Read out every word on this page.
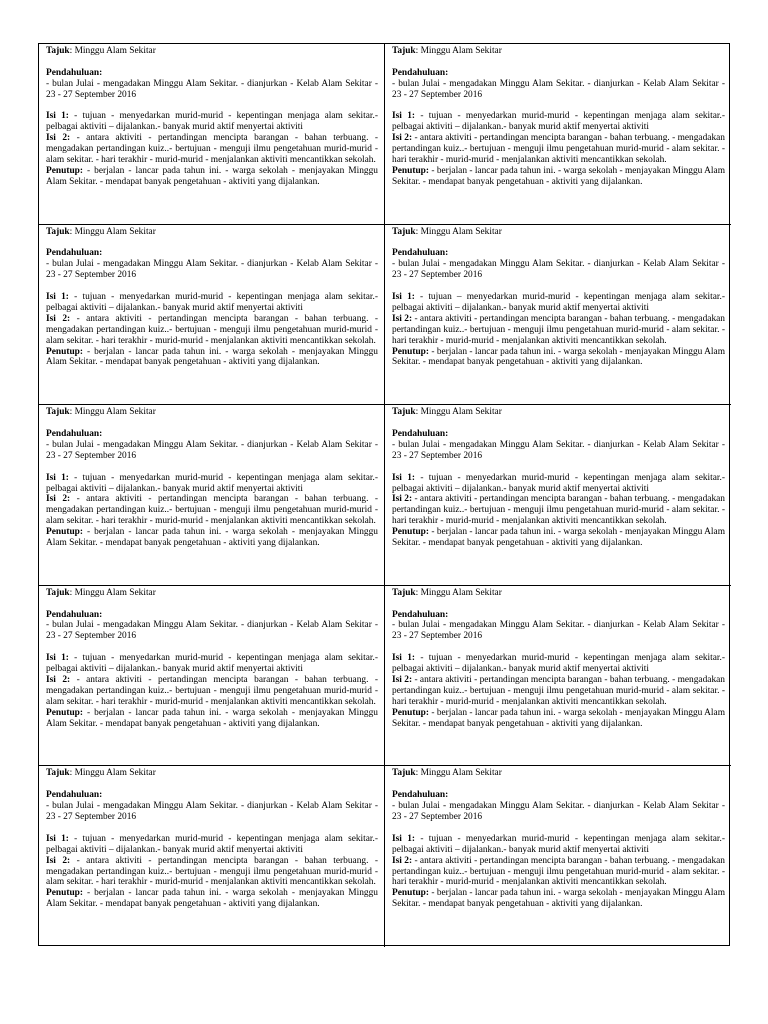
Tajuk: Minggu Alam Sekitar

Pendahuluan:

- bulan Julai - mengadakan Minggu Alam Sekitar. - dianjurkan - Kelab Alam Sekitar - 23 - 27 September 2016

Isi 1: - tujuan - menyedarkan murid-murid - kepentingan menjaga alam sekitar.- pelbagai aktiviti – dijalankan.- banyak murid aktif menyertai aktiviti

Isi 2: - antara aktiviti - pertandingan mencipta barangan - bahan terbuang. - mengadakan pertandingan kuiz..- bertujuan - menguji ilmu pengetahuan murid-murid - alam sekitar. - hari terakhir - murid-murid - menjalankan aktiviti mencantikkan sekolah.

Penutup: - berjalan - lancar pada tahun ini. - warga sekolah - menjayakan Minggu Alam Sekitar. - mendapat banyak pengetahuan - aktiviti yang dijalankan.

Tajuk: Minggu Alam Sekitar

Pendahuluan:

- bulan Julai - mengadakan Minggu Alam Sekitar. - dianjurkan - Kelab Alam Sekitar - 23 - 27 September 2016

Isi 1: - tujuan - menyedarkan murid-murid - kepentingan menjaga alam sekitar.- pelbagai aktiviti – dijalankan.- banyak murid aktif menyertai aktiviti

Isi 2: - antara aktiviti - pertandingan mencipta barangan - bahan terbuang. - mengadakan pertandingan kuiz..- bertujuan - menguji ilmu pengetahuan murid-murid - alam sekitar. - hari terakhir - murid-murid - menjalankan aktiviti mencantikkan sekolah.

Penutup: - berjalan - lancar pada tahun ini. - warga sekolah - menjayakan Minggu Alam Sekitar. - mendapat banyak pengetahuan - aktiviti yang dijalankan.

Tajuk: Minggu Alam Sekitar

Pendahuluan:

- bulan Julai - mengadakan Minggu Alam Sekitar. - dianjurkan - Kelab Alam Sekitar - 23 - 27 September 2016

Isi 1: - tujuan - menyedarkan murid-murid - kepentingan menjaga alam sekitar.- pelbagai aktiviti – dijalankan.- banyak murid aktif menyertai aktiviti

Isi 2: - antara aktiviti - pertandingan mencipta barangan - bahan terbuang. - mengadakan pertandingan kuiz..- bertujuan - menguji ilmu pengetahuan murid-murid - alam sekitar. - hari terakhir - murid-murid - menjalankan aktiviti mencantikkan sekolah.

Penutup: - berjalan - lancar pada tahun ini. - warga sekolah - menjayakan Minggu Alam Sekitar. - mendapat banyak pengetahuan - aktiviti yang dijalankan.

Tajuk: Minggu Alam Sekitar

Pendahuluan:

- bulan Julai - mengadakan Minggu Alam Sekitar. - dianjurkan - Kelab Alam Sekitar - 23 - 27 September 2016

Isi 1: - tujuan – menyedarkan murid-murid - kepentingan menjaga alam sekitar.- pelbagai aktiviti – dijalankan.- banyak murid aktif menyertai aktiviti

Isi 2: - antara aktiviti - pertandingan mencipta barangan - bahan terbuang. - mengadakan pertandingan kuiz..- bertujuan - menguji ilmu pengetahuan murid-murid - alam sekitar. - hari terakhir - murid-murid - menjalankan aktiviti mencantikkan sekolah.

Penutup: - berjalan - lancar pada tahun ini. - warga sekolah - menjayakan Minggu Alam Sekitar. - mendapat banyak pengetahuan - aktiviti yang dijalankan.

Tajuk: Minggu Alam Sekitar

Pendahuluan:

- bulan Julai - mengadakan Minggu Alam Sekitar. - dianjurkan - Kelab Alam Sekitar - 23 - 27 September 2016

Isi 1: - tujuan - menyedarkan murid-murid - kepentingan menjaga alam sekitar.- pelbagai aktiviti – dijalankan.- banyak murid aktif menyertai aktiviti

Isi 2: - antara aktiviti - pertandingan mencipta barangan - bahan terbuang. - mengadakan pertandingan kuiz..- bertujuan - menguji ilmu pengetahuan murid-murid - alam sekitar. - hari terakhir - murid-murid - menjalankan aktiviti mencantikkan sekolah.

Penutup: - berjalan - lancar pada tahun ini. - warga sekolah - menjayakan Minggu Alam Sekitar. - mendapat banyak pengetahuan - aktiviti yang dijalankan.

Tajuk: Minggu Alam Sekitar

Pendahuluan:

- bulan Julai - mengadakan Minggu Alam Sekitar. - dianjurkan - Kelab Alam Sekitar - 23 - 27 September 2016

Isi 1: - tujuan - menyedarkan murid-murid - kepentingan menjaga alam sekitar.- pelbagai aktiviti – dijalankan.- banyak murid aktif menyertai aktiviti

Isi 2: - antara aktiviti - pertandingan mencipta barangan - bahan terbuang. - mengadakan pertandingan kuiz..- bertujuan - menguji ilmu pengetahuan murid-murid - alam sekitar. - hari terakhir - murid-murid - menjalankan aktiviti mencantikkan sekolah.

Penutup: - berjalan - lancar pada tahun ini. - warga sekolah - menjayakan Minggu Alam Sekitar. - mendapat banyak pengetahuan - aktiviti yang dijalankan.

Tajuk: Minggu Alam Sekitar

Pendahuluan:

- bulan Julai - mengadakan Minggu Alam Sekitar. - dianjurkan - Kelab Alam Sekitar - 23 - 27 September 2016

Isi 1: - tujuan - menyedarkan murid-murid - kepentingan menjaga alam sekitar.- pelbagai aktiviti – dijalankan.- banyak murid aktif menyertai aktiviti

Isi 2: - antara aktiviti - pertandingan mencipta barangan - bahan terbuang. - mengadakan pertandingan kuiz..- bertujuan - menguji ilmu pengetahuan murid-murid - alam sekitar. - hari terakhir - murid-murid - menjalankan aktiviti mencantikkan sekolah.

Penutup: - berjalan - lancar pada tahun ini. - warga sekolah - menjayakan Minggu Alam Sekitar. - mendapat banyak pengetahuan - aktiviti yang dijalankan.

Tajuk: Minggu Alam Sekitar

Pendahuluan:

- bulan Julai - mengadakan Minggu Alam Sekitar. - dianjurkan - Kelab Alam Sekitar - 23 - 27 September 2016

Isi 1: - tujuan - menyedarkan murid-murid - kepentingan menjaga alam sekitar.- pelbagai aktiviti – dijalankan.- banyak murid aktif menyertai aktiviti

Isi 2: - antara aktiviti - pertandingan mencipta barangan - bahan terbuang. - mengadakan pertandingan kuiz..- bertujuan - menguji ilmu pengetahuan murid-murid - alam sekitar. - hari terakhir - murid-murid - menjalankan aktiviti mencantikkan sekolah.

Penutup: - berjalan - lancar pada tahun ini. - warga sekolah - menjayakan Minggu Alam Sekitar. - mendapat banyak pengetahuan - aktiviti yang dijalankan.

Tajuk: Minggu Alam Sekitar

Pendahuluan:

- bulan Julai - mengadakan Minggu Alam Sekitar. - dianjurkan - Kelab Alam Sekitar - 23 - 27 September 2016

Isi 1: - tujuan - menyedarkan murid-murid - kepentingan menjaga alam sekitar.- pelbagai aktiviti – dijalankan.- banyak murid aktif menyertai aktiviti

Isi 2: - antara aktiviti - pertandingan mencipta barangan - bahan terbuang. - mengadakan pertandingan kuiz..- bertujuan - menguji ilmu pengetahuan murid-murid - alam sekitar. - hari terakhir - murid-murid - menjalankan aktiviti mencantikkan sekolah.

Penutup: - berjalan - lancar pada tahun ini. - warga sekolah - menjayakan Minggu Alam Sekitar. - mendapat banyak pengetahuan - aktiviti yang dijalankan.

Tajuk: Minggu Alam Sekitar

Pendahuluan:

- bulan Julai - mengadakan Minggu Alam Sekitar. - dianjurkan - Kelab Alam Sekitar - 23 - 27 September 2016

Isi 1: - tujuan - menyedarkan murid-murid - kepentingan menjaga alam sekitar.- pelbagai aktiviti – dijalankan.- banyak murid aktif menyertai aktiviti

Isi 2: - antara aktiviti - pertandingan mencipta barangan - bahan terbuang. - mengadakan pertandingan kuiz..- bertujuan - menguji ilmu pengetahuan murid-murid - alam sekitar. - hari terakhir - murid-murid - menjalankan aktiviti mencantikkan sekolah.

Penutup: - berjalan - lancar pada tahun ini. - warga sekolah - menjayakan Minggu Alam Sekitar. - mendapat banyak pengetahuan - aktiviti yang dijalankan.
